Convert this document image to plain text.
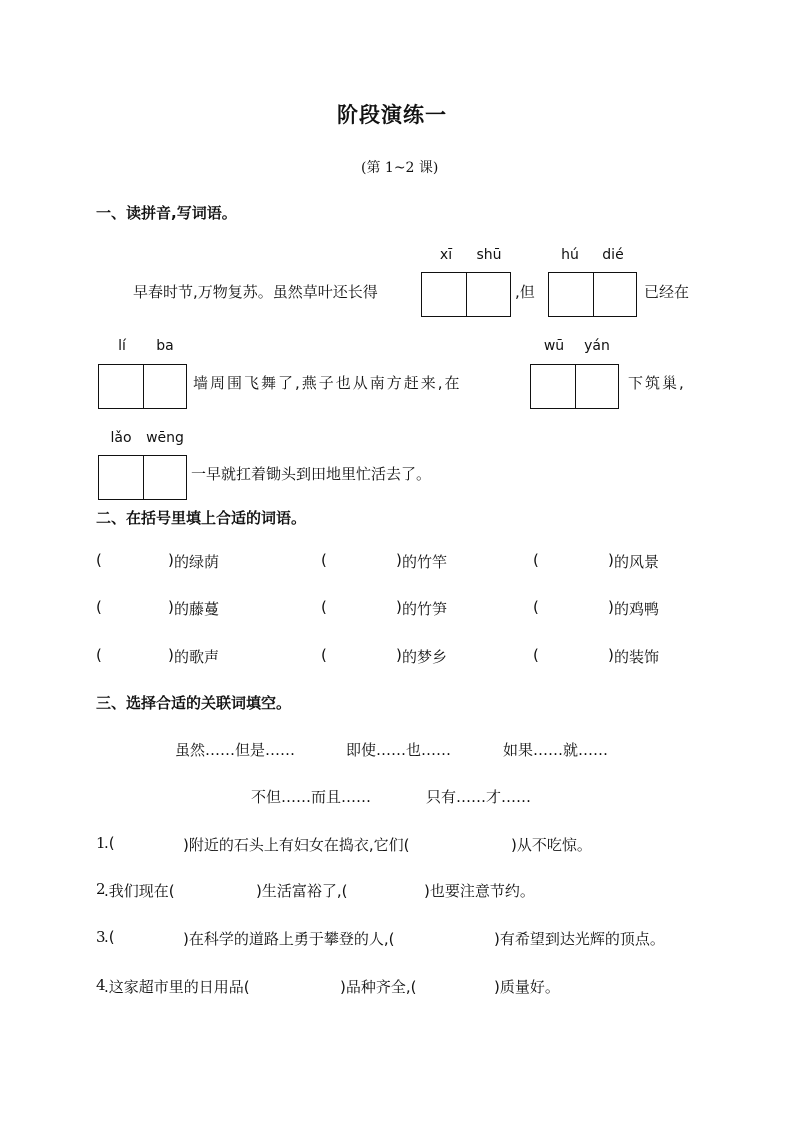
阶段演练一
(第 1~2 课)
一、读拼音,写词语。
xī	shū	hú	dié
早春时节,万物复苏。虽然草叶还长得	,但	已经在
lí	ba	wū	yán
墙周围飞舞了,燕子也从南方赶来,在	下筑巢,
lǎo	wēng
一早就扛着锄头到田地里忙活去了。
二、在括号里填上合适的词语。
(	) 的绿荫	(	) 的竹竿	(	) 的风景
(	) 的藤蔓	(	) 的竹笋	(	) 的鸡鸭
(	) 的歌声	(	) 的梦乡	(	) 的装饰
三、选择合适的关联词填空。
虽然……但是……	即使……也……	如果……就……
不但……而且……	只有……才……
1
.(	)附近的石头上有妇女在捣衣,它们(	)从不吃惊。
2
.我们现在(	)生活富裕了,(	)也要注意节约。
3
.(	)在科学的道路上勇于攀登的人,(	)有希望到达光辉的顶点。
4
.这家超市里的日用品(	)品种齐全,(	)质量好。
